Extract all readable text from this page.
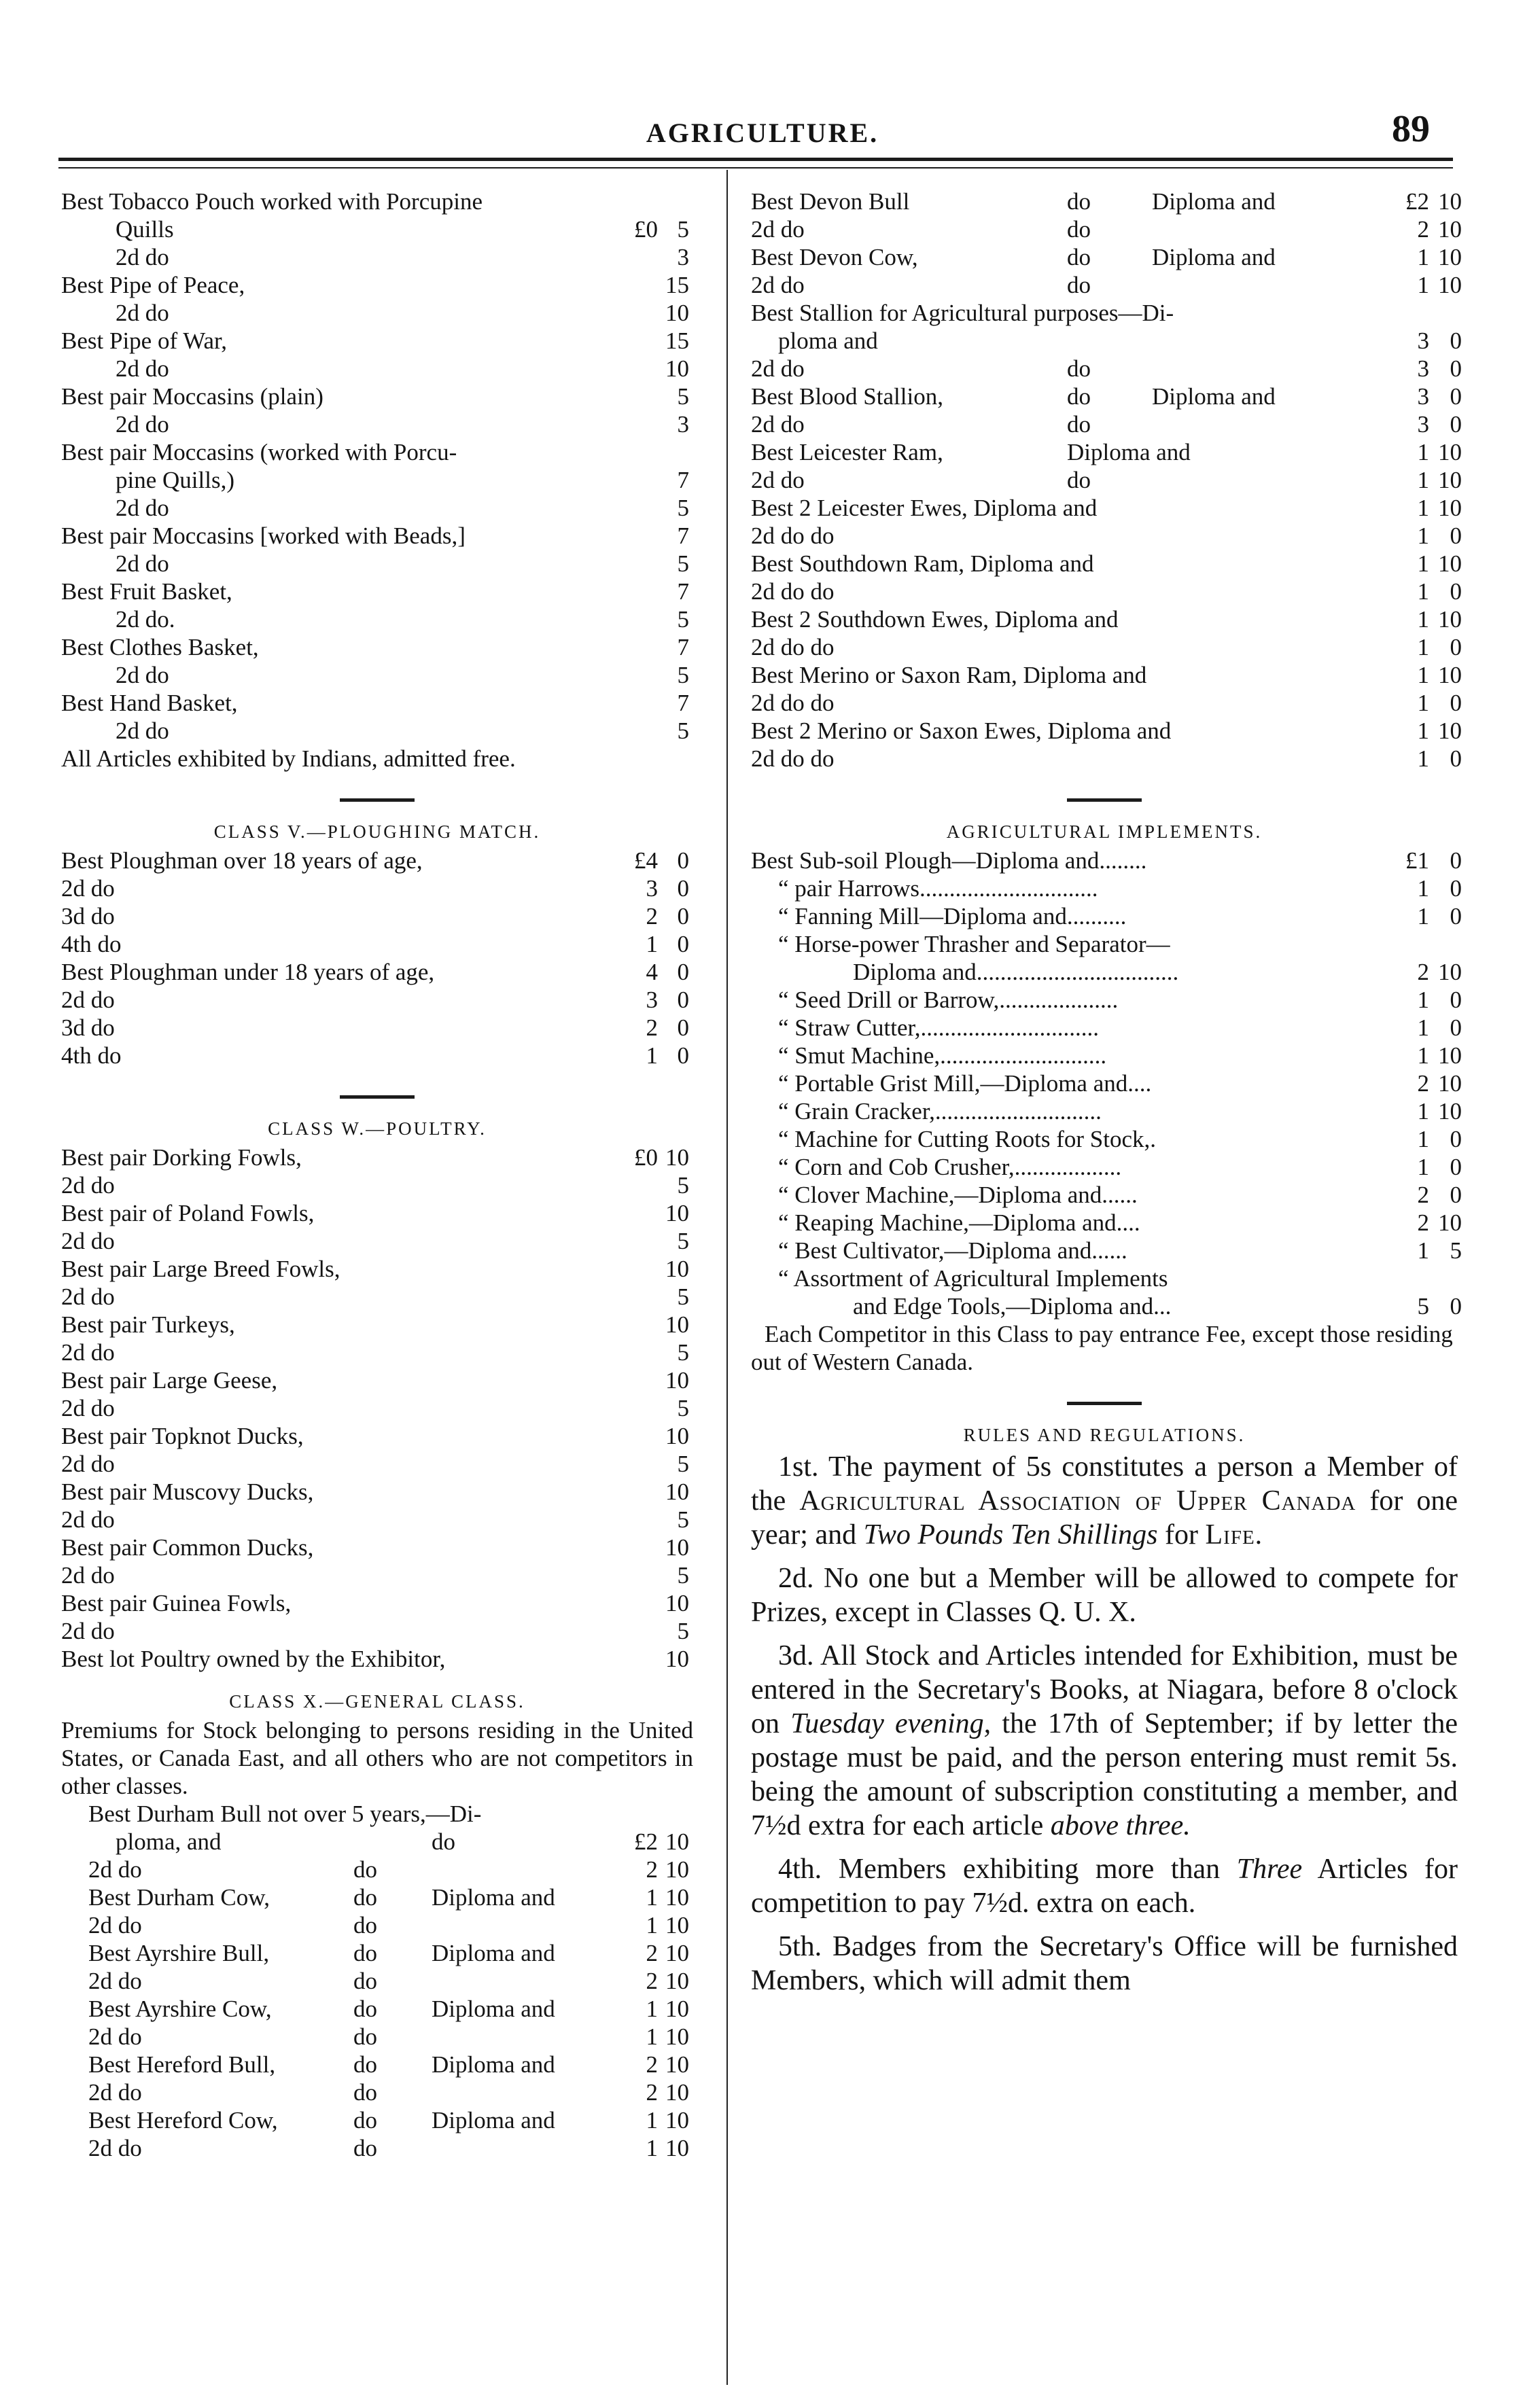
AGRICULTURE.	89
Best Tobacco Pouch worked with Porcupine
Quills	£0 5
2d do	3
Best Pipe of Peace,	15
2d do	10
Best Pipe of War,	15
2d do	10
Best pair Moccasins (plain)	5
2d do	3
Best pair Moccasins (worked with Porcu-
pine Quills,)	7
2d do	5
Best pair Moccasins [worked with Beads,]	7
2d do	5
Best Fruit Basket,	7
2d do.	5
Best Clothes Basket,	7
2d do	5
Best Hand Basket,	7
2d do	5
All Articles exhibited by Indians, admitted free.
CLASS V.—PLOUGHING MATCH.
Best Ploughman over 18 years of age,	£4 0
2d do	3 0
3d do	2 0
4th do	1 0
Best Ploughman under 18 years of age,	4 0
2d do	3 0
3d do	2 0
4th do	1 0
CLASS W.—POULTRY.
Best pair Dorking Fowls,	£0 10
2d do	5
Best pair of Poland Fowls,	10
2d do	5
Best pair Large Breed Fowls,	10
2d do	5
Best pair Turkeys,	10
2d do	5
Best pair Large Geese,	10
2d do	5
Best pair Topknot Ducks,	10
2d do	5
Best pair Muscovy Ducks,	10
2d do	5
Best pair Common Ducks,	10
2d do	5
Best pair Guinea Fowls,	10
2d do	5
Best lot Poultry owned by the Exhibitor,	10
CLASS X.—GENERAL CLASS.
Premiums for Stock belonging to persons residing in the United States, or Canada East, and all others who are not competitors in other classes.
Best Durham Bull not over 5 years,—Di-
ploma, and	do	£2 10
2d do	do	2 10
Best Durham Cow,	do Diploma and	1 10
2d do	do	1 10
Best Ayrshire Bull,	do Diploma and	2 10
2d do	do	2 10
Best Ayrshire Cow,	do Diploma and	1 10
2d do	do	1 10
Best Hereford Bull,	do Diploma and	2 10
2d do	do	2 10
Best Hereford Cow,	do Diploma and	1 10
2d do	do	1 10
Best Devon Bull	do	Diploma and	£2 10
2d do	do	2 10
Best Devon Cow,	do	Diploma and	1 10
2d do	do	1 10
Best Stallion for Agricultural purposes—Di-
ploma and	3 0
2d do	do	3 0
Best Blood Stallion,	do	Diploma and	3 0
2d do	do	3 0
Best Leicester Ram,	Diploma and	1 10
2d do	do	1 10
Best 2 Leicester Ewes, Diploma and	1 10
2d do do	1 0
Best Southdown Ram, Diploma and	1 10
2d do do	1 0
Best 2 Southdown Ewes, Diploma and	1 10
2d do do	1 0
Best Merino or Saxon Ram, Diploma and	1 10
2d do do	1 0
Best 2 Merino or Saxon Ewes, Diploma and	1 10
2d do do	1 0
AGRICULTURAL IMPLEMENTS.
Best Sub-soil Plough—Diploma and........	£1 0
“ pair Harrows..............................	1 0
“ Fanning Mill—Diploma and..........	1 0
“ Horse-power Thrasher and Separator—
Diploma and..................................	2 10
“ Seed Drill or Barrow,....................	1 0
“ Straw Cutter,..............................	1 0
“ Smut Machine,............................	1 10
“ Portable Grist Mill,—Diploma and....	2 10
“ Grain Cracker,............................	1 10
“ Machine for Cutting Roots for Stock,.	1 0
“ Corn and Cob Crusher,..................	1 0
“ Clover Machine,—Diploma and......	2 0
“ Reaping Machine,—Diploma and....	2 10
“ Best Cultivator,—Diploma and......	1 5
“ Assortment of Agricultural Implements
and Edge Tools,—Diploma and...	5 0
Each Competitor in this Class to pay entrance Fee, except those residing out of Western Canada.
RULES AND REGULATIONS.
1st. The payment of 5s constitutes a person a Member of the Agricultural Association of Upper Canada for one year; and Two Pounds Ten Shillings for Life.
2d. No one but a Member will be allowed to compete for Prizes, except in Classes Q. U. X.
3d. All Stock and Articles intended for Exhibition, must be entered in the Secretary's Books, at Niagara, before 8 o'clock on Tuesday evening, the 17th of September; if by letter the postage must be paid, and the person entering must remit 5s. being the amount of subscription constituting a member, and 7½d extra for each article above three.
4th. Members exhibiting more than Three Articles for competition to pay 7½d. extra on each.
5th. Badges from the Secretary's Office will be furnished Members, which will admit them
